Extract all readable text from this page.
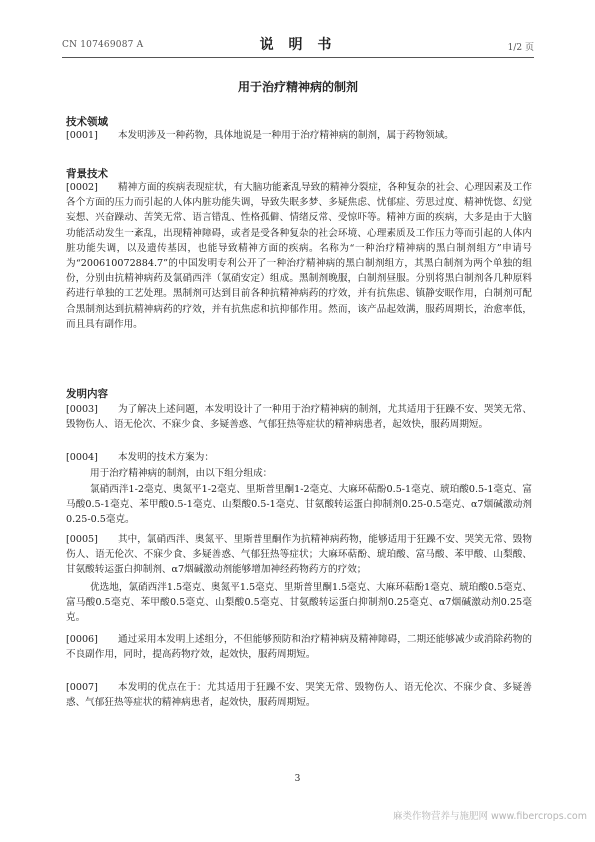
CN 107469087 A	说 明 书	1/2 页
用于治疗精神病的制剂
技术领域

[0001] 本发明涉及一种药物，具体地说是一种用于治疗精神病的制剂，属于药物领域。

背景技术

[0002] 精神方面的疾病表现症状，有大脑功能紊乱导致的精神分裂症，各种复杂的社会、心理因素及工作各个方面的压力而引起的人体内脏功能失调，导致失眠多梦、多疑焦虑、忧郁症、劳思过度、精神恍惚、幻觉妄想、兴奋躁动、苦笑无常、语言错乱、性格孤僻、情绪反常、受惊吓等。精神方面的疾病，大多是由于大脑功能活动发生一紊乱，出现精神障碍，或者是受各种复杂的社会环境、心理素质及工作压力等而引起的人体内脏功能失调，以及遗传基因，也能导致精神方面的疾病。名称为“一种治疗精神病的黑白制剂组方”申请号为“200610072884.7”的中国发明专利公开了一种治疗精神病的黑白制剂组方，其黑白制剂为两个单独的组份，分别由抗精神病药及氯硝西泮（氯硝安定）组成。黑制剂晚服，白制剂昼服。分别将黑白制剂各几种原料药进行单独的工艺处理。黑制剂可达到目前各种抗精神病药的疗效，并有抗焦虑、镇静安眠作用，白制剂可配合黑制剂达到抗精神病药的疗效，并有抗焦虑和抗抑郁作用。然而，该产品起效满，服药周期长，治愈率低，而且具有副作用。

发明内容

[0003] 为了解决上述问题，本发明设计了一种用于治疗精神病的制剂，尤其适用于狂躁不安、哭笑无常、毁物伤人、语无伦次、不寐少食、多疑善惑、气郁狂热等症状的精神病患者，起效快，服药周期短。

[0004] 本发明的技术方案为：

用于治疗精神病的制剂，由以下组分组成：

氯硝西泮1-2毫克、奥氮平1-2毫克、里斯普里酮1-2毫克、大麻环萜酚0.5-1毫克、琥珀酸0.5-1毫克、富马酸0.5-1毫克、苯甲酸0.5-1毫克、山梨酸0.5-1毫克、甘氨酸转运蛋白抑制剂0.25-0.5毫克、α7烟碱激动剂0.25-0.5毫克。

[0005] 其中，氯硝西泮、奥氮平、里斯普里酮作为抗精神病药物，能够适用于狂躁不安、哭笑无常、毁物伤人、语无伦次、不寐少食、多疑善惑、气郁狂热等症状；大麻环萜酚、琥珀酸、富马酸、苯甲酸、山梨酸、甘氨酸转运蛋白抑制剂、α7烟碱激动剂能够增加神经药物药方的疗效；

优选地，氯硝西泮1.5毫克、奥氮平1.5毫克、里斯普里酮1.5毫克、大麻环萜酚1毫克、琥珀酸0.5毫克、富马酸0.5毫克、苯甲酸0.5毫克、山梨酸0.5毫克、甘氨酸转运蛋白抑制剂0.25毫克、α7烟碱激动剂0.25毫克。

[0006] 通过采用本发明上述组分，不但能够预防和治疗精神病及精神障碍，二期还能够减少或消除药物的不良副作用，同时，提高药物疗效，起效快，服药周期短。

[0007] 本发明的优点在于：尤其适用于狂躁不安、哭笑无常、毁物伤人、语无伦次、不寐少食、多疑善惑、气郁狂热等症状的精神病患者，起效快，服药周期短。

3
麻类作物营养与施肥网 www.fibercrops.com
